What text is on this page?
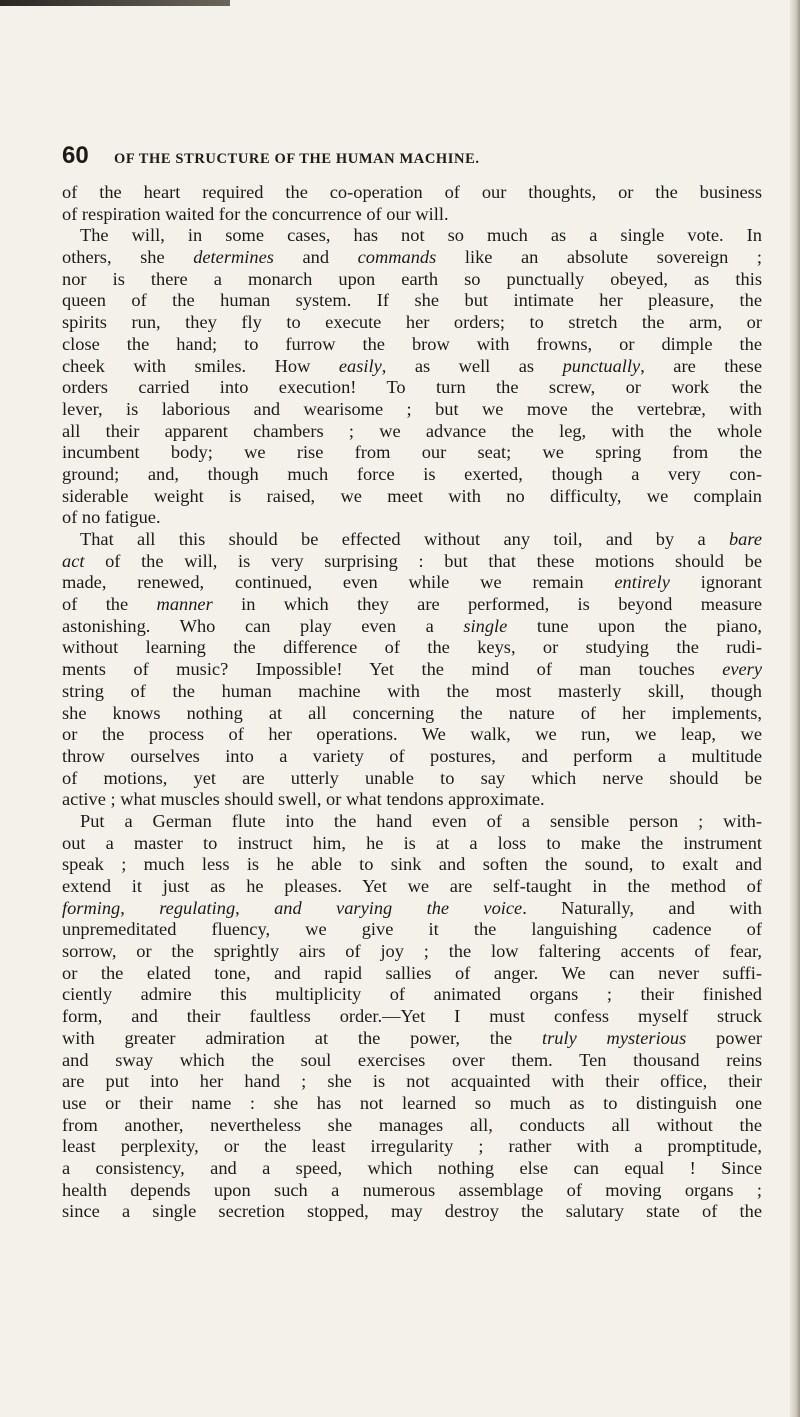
60	OF THE STRUCTURE OF THE HUMAN MACHINE.
of the heart required the co-operation of our thoughts, or the business
of respiration waited for the concurrence of our will.
The will, in some cases, has not so much as a single vote. In
others, she determines and commands like an absolute sovereign ;
nor is there a monarch upon earth so punctually obeyed, as this
queen of the human system. If she but intimate her pleasure, the
spirits run, they fly to execute her orders; to stretch the arm, or
close the hand; to furrow the brow with frowns, or dimple the
cheek with smiles. How easily, as well as punctually, are these
orders carried into execution! To turn the screw, or work the
lever, is laborious and wearisome ; but we move the vertebræ, with
all their apparent chambers ; we advance the leg, with the whole
incumbent body; we rise from our seat; we spring from the
ground; and, though much force is exerted, though a very con-
siderable weight is raised, we meet with no difficulty, we complain
of no fatigue.
That all this should be effected without any toil, and by a bare
act of the will, is very surprising : but that these motions should be
made, renewed, continued, even while we remain entirely ignorant
of the manner in which they are performed, is beyond measure
astonishing. Who can play even a single tune upon the piano,
without learning the difference of the keys, or studying the rudi-
ments of music? Impossible! Yet the mind of man touches every
string of the human machine with the most masterly skill, though
she knows nothing at all concerning the nature of her implements,
or the process of her operations. We walk, we run, we leap, we
throw ourselves into a variety of postures, and perform a multitude
of motions, yet are utterly unable to say which nerve should be
active ; what muscles should swell, or what tendons approximate.
Put a German flute into the hand even of a sensible person ; with-
out a master to instruct him, he is at a loss to make the instrument
speak ; much less is he able to sink and soften the sound, to exalt and
extend it just as he pleases. Yet we are self-taught in the method of
forming, regulating, and varying the voice. Naturally, and with
unpremeditated fluency, we give it the languishing cadence of
sorrow, or the sprightly airs of joy ; the low faltering accents of fear,
or the elated tone, and rapid sallies of anger. We can never suffi-
ciently admire this multiplicity of animated organs ; their finished
form, and their faultless order.—Yet I must confess myself struck
with greater admiration at the power, the truly mysterious power
and sway which the soul exercises over them. Ten thousand reins
are put into her hand ; she is not acquainted with their office, their
use or their name : she has not learned so much as to distinguish one
from another, nevertheless she manages all, conducts all without the
least perplexity, or the least irregularity ; rather with a promptitude,
a consistency, and a speed, which nothing else can equal ! Since
health depends upon such a numerous assemblage of moving organs ;
since a single secretion stopped, may destroy the salutary state of the
